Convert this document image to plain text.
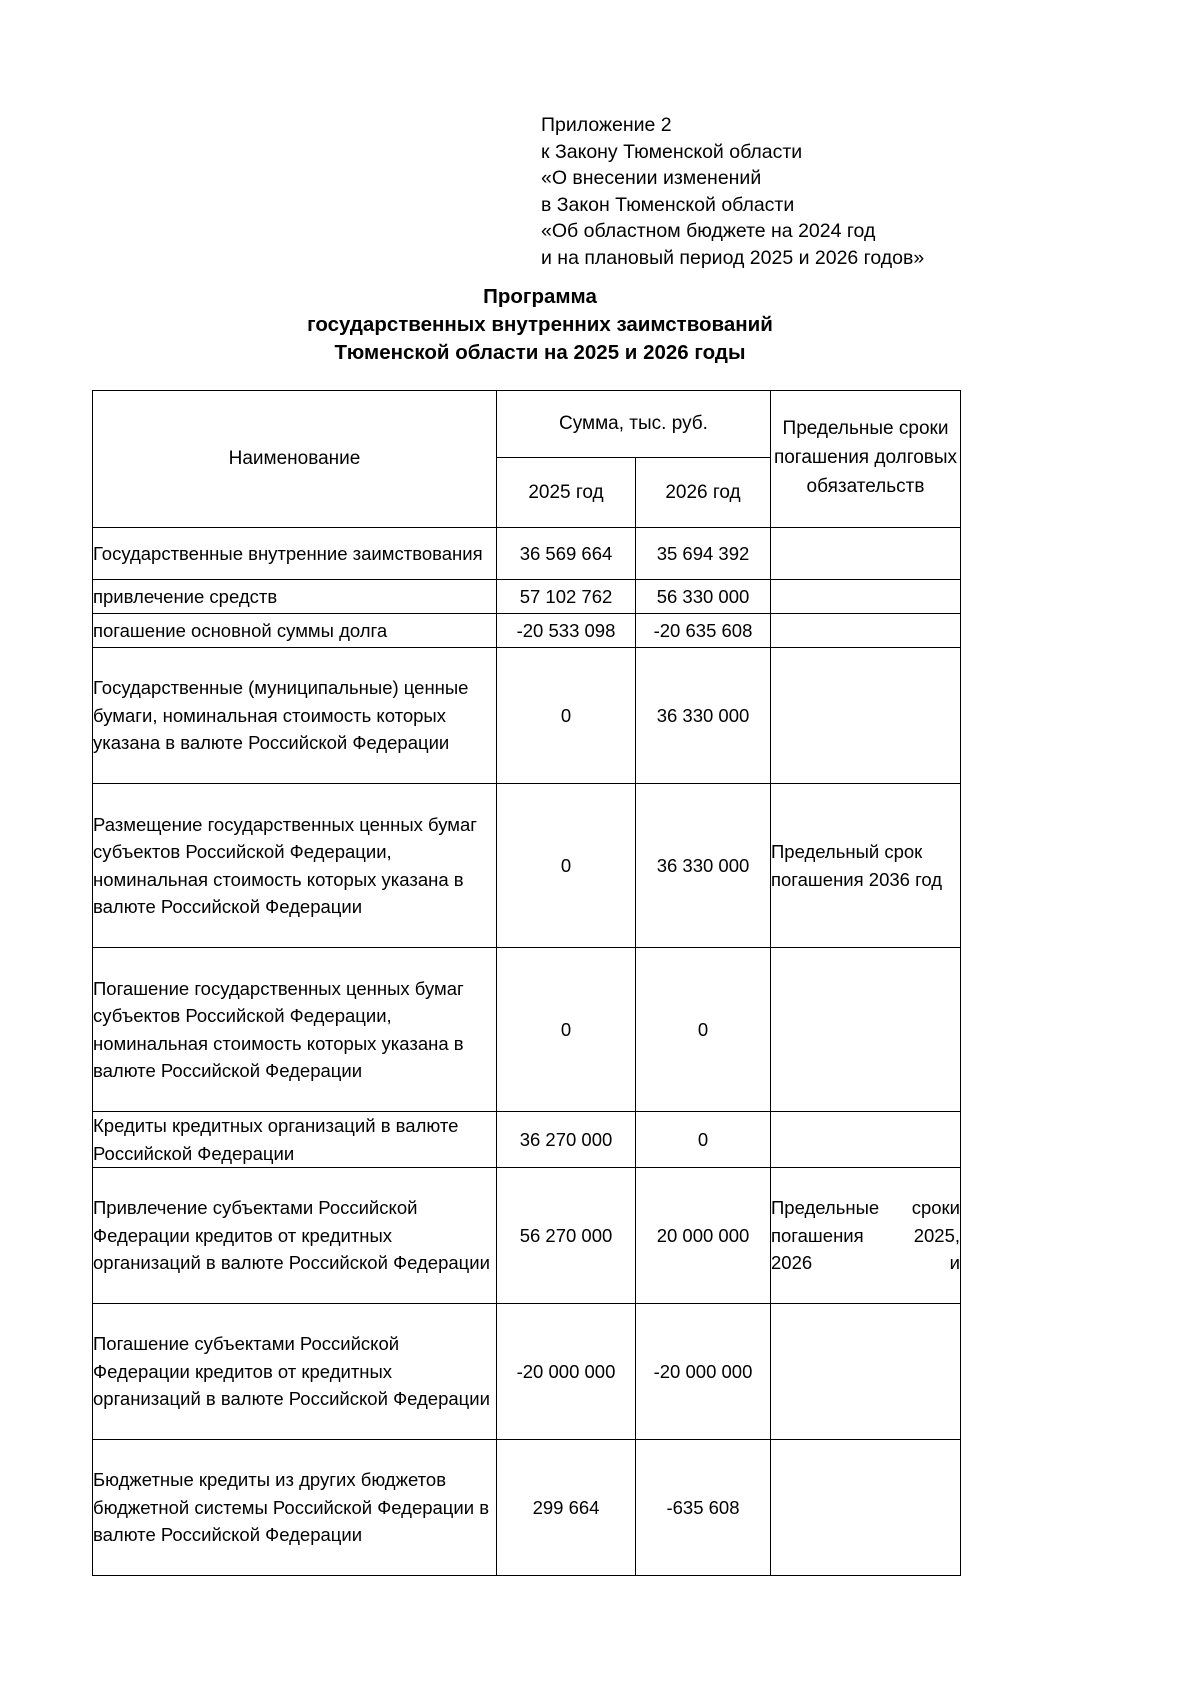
Приложение 2
к Закону Тюменской области
«О внесении изменений
в Закон Тюменской области
«Об областном бюджете на 2024 год
и на плановый период 2025 и 2026 годов»
Программа
государственных внутренних заимствований
Тюменской области на 2025 и 2026 годы
Наименование	Сумма, тыс. руб.		Предельные сроки погашения долговых обязательств

	2025 год	2026 год	
Государственные внутренние заимствования	36 569 664	35 694 392	
привлечение средств	57 102 762	56 330 000	
погашение основной суммы долга	-20 533 098	-20 635 608	
Государственные (муниципальные) ценные бумаги, номинальная стоимость которых указана в валюте Российской Федерации	0	36 330 000	
Размещение государственных ценных бумаг субъектов Российской Федерации, номинальная стоимость которых указана в валюте Российской Федерации	0	36 330 000	Предельный срок погашения 2036 год
Погашение государственных ценных бумаг субъектов Российской Федерации, номинальная стоимость которых указана в валюте Российской Федерации	0	0	
Кредиты кредитных организаций в валюте Российской Федерации	36 270 000	0	
Привлечение субъектами Российской Федерации кредитов от кредитных организаций в валюте Российской Федерации	56 270 000	20 000 000	Предельные сроки погашения 2025, 2026 и
Погашение субъектами Российской Федерации кредитов от кредитных организаций в валюте Российской Федерации	-20 000 000	-20 000 000	
Бюджетные кредиты из других бюджетов бюджетной системы Российской Федерации в валюте Российской Федерации	299 664	-635 608	
